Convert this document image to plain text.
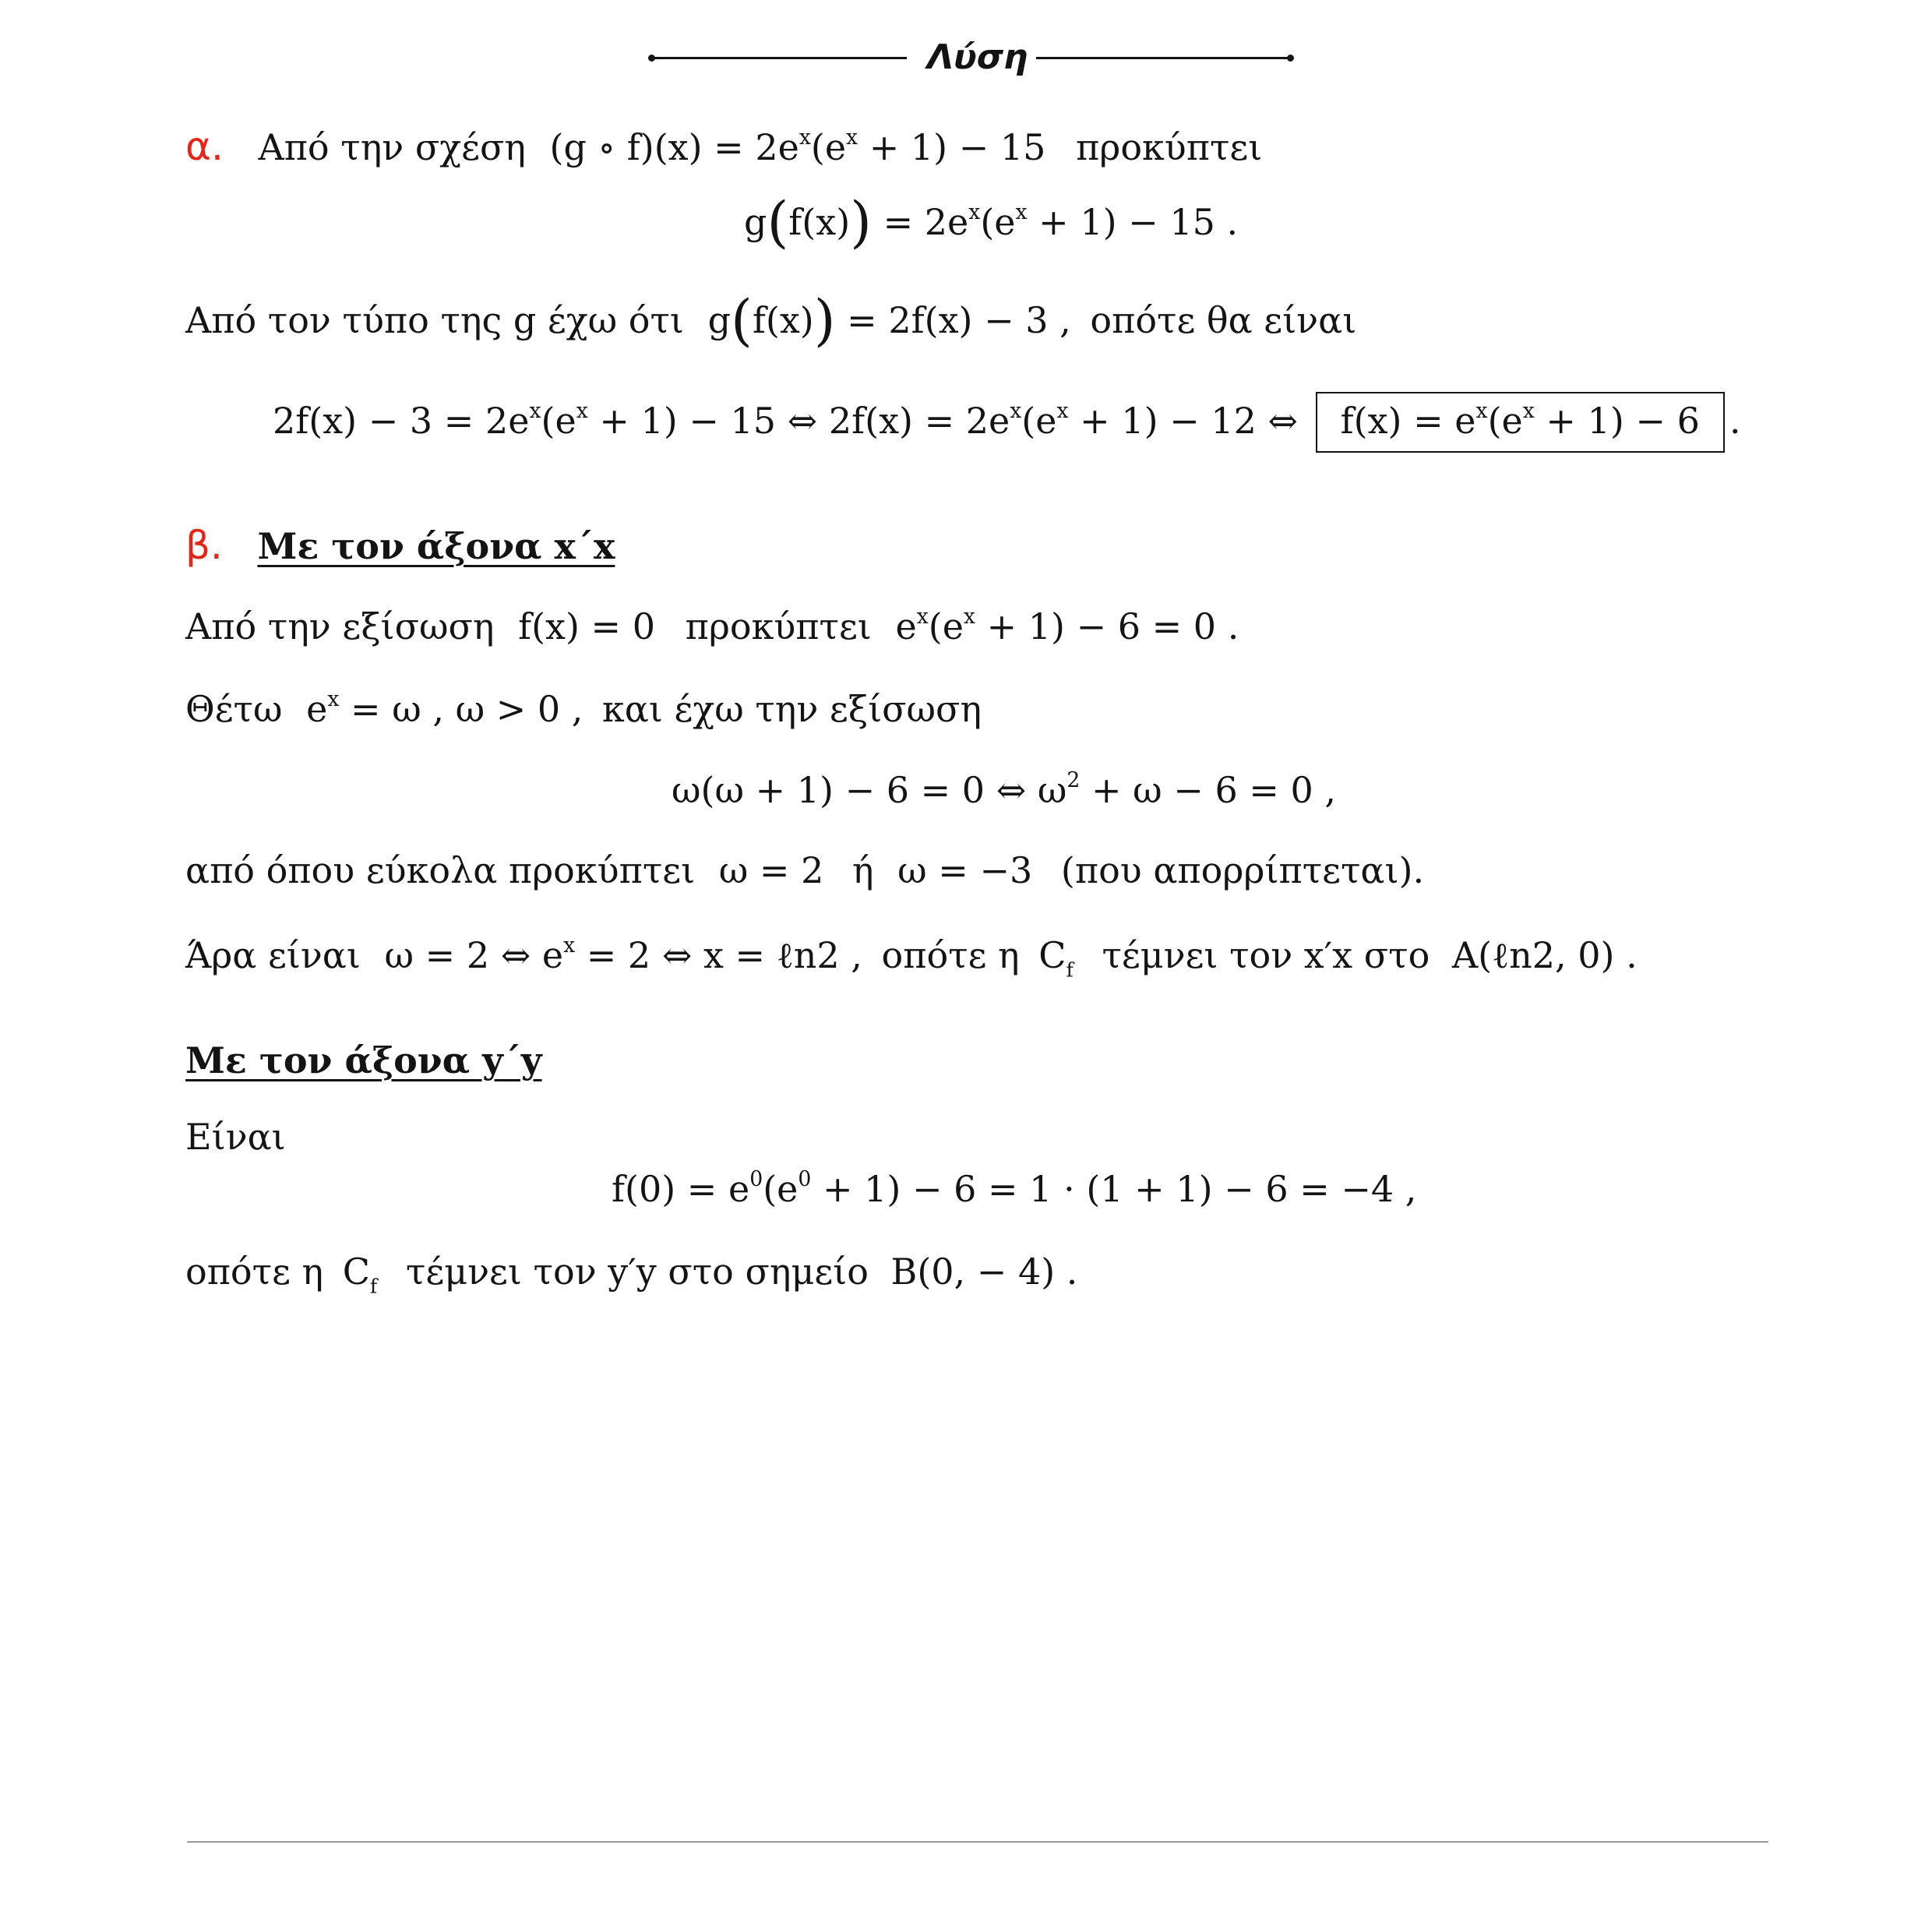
Λύση
α. Από την σχέση (g ∘ $f)(x) = 2e^x(e^x + 1) - 15$ προκύπτει
$g(f(x)) = 2e^x(e^x + 1) - 15$ .
Από τον τύπο της g έχω ότι g(f(x)) = 2f(x) − 3 , οπότε θα είναι
$2f(x) - 3 = 2e^x(e^x + 1) - 15$ ⇔ $2f(x) = 2e^x(e^x + 1) - 12$ ⇔ $f(x) = e^x(e^x + 1) - 6$ .
β. Με τον άξονα x΄x
Από την εξίσωση f(x) = 0 προκύπτει $e^x(e^x + 1) - 6 = 0$ .
Θέτω $e^x = \omega$ , ω > 0 , και έχω την εξίσωση
ω(ω + 1) − 6 = 0 ⇔ $\omega^2 + \omega - 6 = 0$ ,
από όπου εύκολα προκύπτει ω = 2 ή ω = −3 (που απορρίπτεται).
Άρα είναι ω = 2 ⇔ $e^x = 2$ ⇔ x = ℓn2 , οπότε η $C_f$ τέμνει τον x′x στο A(ℓn2, 0) .
Με τον άξονα y΄y
Είναι
$f(0) = e^0(e^0 + 1) - 6 = 1 \cdot (1 + 1) - 6 = -4$ ,
οπότε η $C_f$ τέμνει τον y′y στο σημείο B(0, − 4) .
